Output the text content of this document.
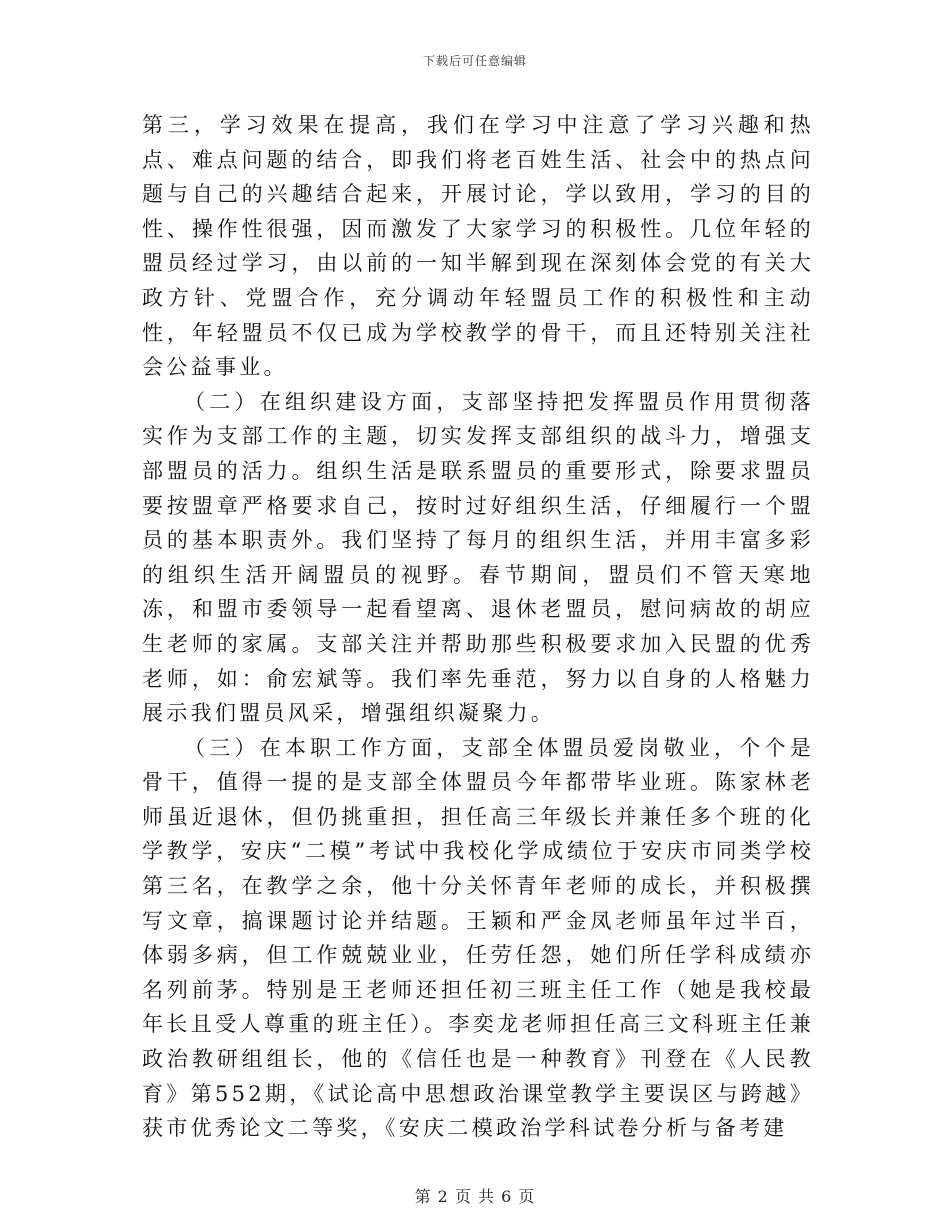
下载后可任意编辑

第三，学习效果在提高，我们在学习中注意了学习兴趣和热点、难点问题的结合，即我们将老百姓生活、社会中的热点问题与自己的兴趣结合起来，开展讨论，学以致用，学习的目的性、操作性很强，因而激发了大家学习的积极性。几位年轻的盟员经过学习，由以前的一知半解到现在深刻体会党的有关大政方针、党盟合作，充分调动年轻盟员工作的积极性和主动性，年轻盟员不仅已成为学校教学的骨干，而且还特别关注社会公益事业。

（二）在组织建设方面，支部坚持把发挥盟员作用贯彻落实作为支部工作的主题，切实发挥支部组织的战斗力，增强支部盟员的活力。组织生活是联系盟员的重要形式，除要求盟员要按盟章严格要求自己，按时过好组织生活，仔细履行一个盟员的基本职责外。我们坚持了每月的组织生活，并用丰富多彩的组织生活开阔盟员的视野。春节期间，盟员们不管天寒地冻，和盟市委领导一起看望离、退休老盟员，慰问病故的胡应生老师的家属。支部关注并帮助那些积极要求加入民盟的优秀老师，如：俞宏斌等。我们率先垂范，努力以自身的人格魅力展示我们盟员风采，增强组织凝聚力。

（三）在本职工作方面，支部全体盟员爱岗敬业，个个是骨干，值得一提的是支部全体盟员今年都带毕业班。陈家林老师虽近退休，但仍挑重担，担任高三年级长并兼任多个班的化学教学，安庆“二模”考试中我校化学成绩位于安庆市同类学校第三名，在教学之余，他十分关怀青年老师的成长，并积极撰写文章，搞课题讨论并结题。王颖和严金凤老师虽年过半百，体弱多病，但工作兢兢业业，任劳任怨，她们所任学科成绩亦名列前茅。特别是王老师还担任初三班主任工作（她是我校最年长且受人尊重的班主任）。李奕龙老师担任高三文科班主任兼政治教研组组长，他的《信任也是一种教育》刊登在《人民教育》第552期，《试论高中思想政治课堂教学主要误区与跨越》获市优秀论文二等奖，《安庆二模政治学科试卷分析与备考建

第 2 页 共 6 页
